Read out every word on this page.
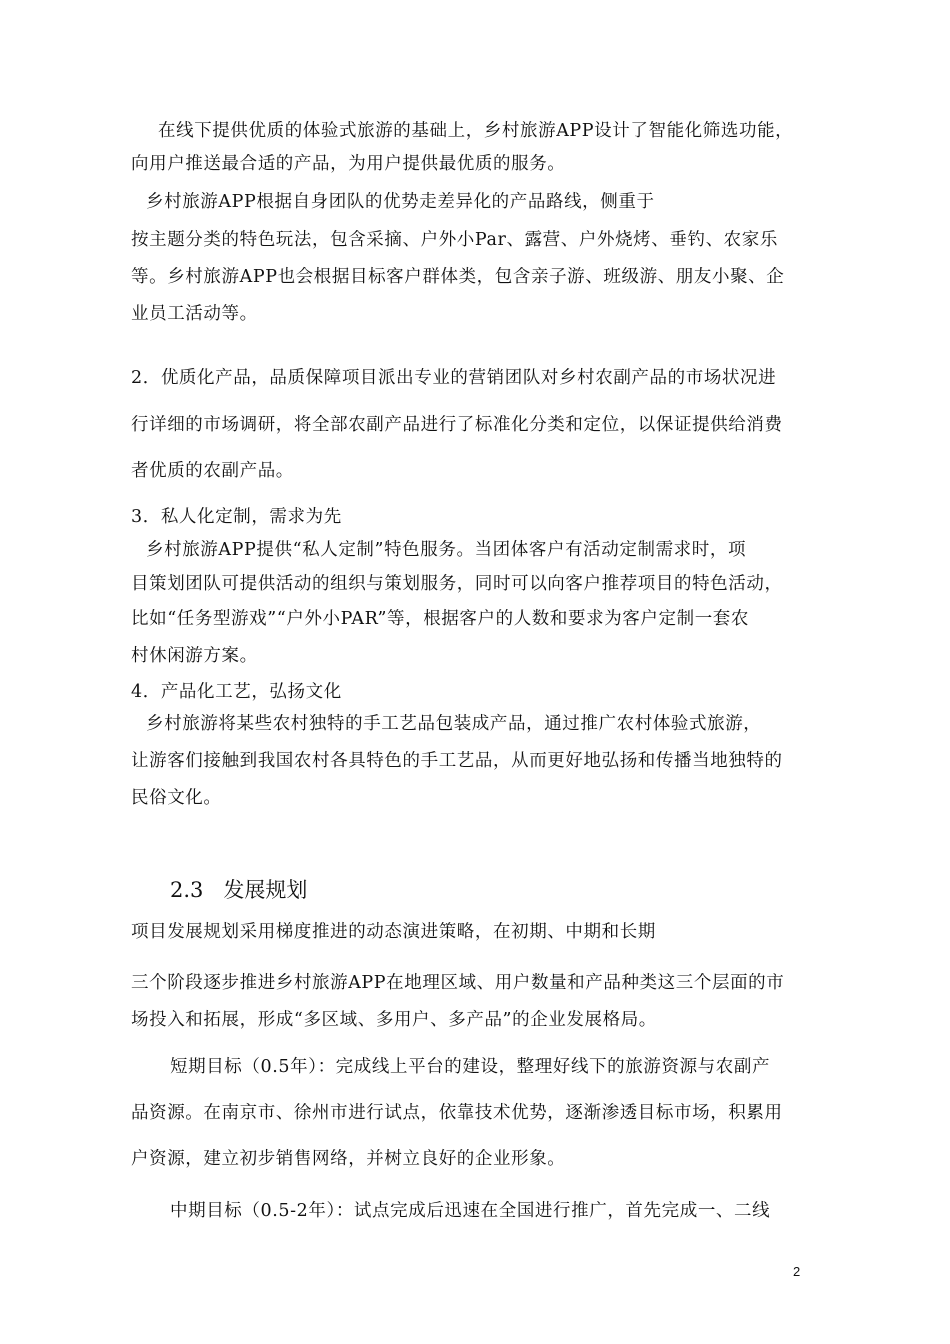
在线下提供优质的体验式旅游的基础上，乡村旅游APP设计了智能化筛选功能，
向用户推送最合适的产品，为用户提供最优质的服务。
乡村旅游APP根据自身团队的优势走差异化的产品路线，侧重于
按主题分类的特色玩法，包含采摘、户外小Par、露营、户外烧烤、垂钓、农家乐
等。乡村旅游APP也会根据目标客户群体类，包含亲子游、班级游、朋友小聚、企
业员工活动等。
2．优质化产品，品质保障项目派出专业的营销团队对乡村农副产品的市场状况进
行详细的市场调研，将全部农副产品进行了标准化分类和定位，以保证提供给消费
者优质的农副产品。
3．私人化定制，需求为先
乡村旅游APP提供“私人定制”特色服务。当团体客户有活动定制需求时，项
目策划团队可提供活动的组织与策划服务，同时可以向客户推荐项目的特色活动，
比如“任务型游戏”“户外小PAR”等，根据客户的人数和要求为客户定制一套农
村休闲游方案。
4．产品化工艺，弘扬文化
乡村旅游将某些农村独特的手工艺品包装成产品，通过推广农村体验式旅游，
让游客们接触到我国农村各具特色的手工艺品，从而更好地弘扬和传播当地独特的
民俗文化。
2.3 发展规划
项目发展规划采用梯度推进的动态演进策略，在初期、中期和长期
三个阶段逐步推进乡村旅游APP在地理区域、用户数量和产品种类这三个层面的市
场投入和拓展，形成“多区域、多用户、多产品”的企业发展格局。
短期目标（0.5年）：完成线上平台的建设，整理好线下的旅游资源与农副产
品资源。在南京市、徐州市进行试点，依靠技术优势，逐渐渗透目标市场，积累用
户资源，建立初步销售网络，并树立良好的企业形象。
中期目标（0.5-2年）：试点完成后迅速在全国进行推广，首先完成一、二线
2
